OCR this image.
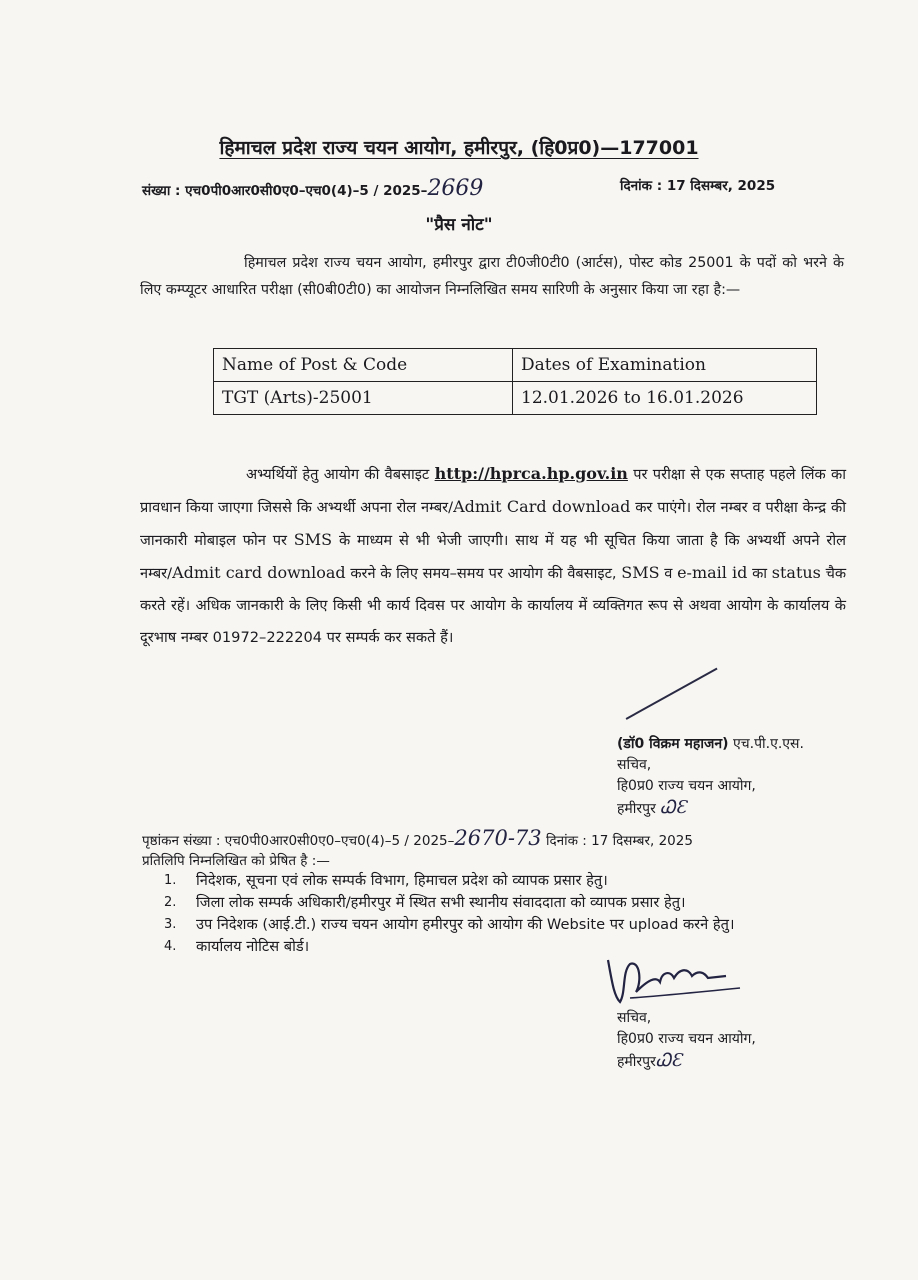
हिमाचल प्रदेश राज्य चयन आयोग, हमीरपुर, (हि0प्र0)—177001
संख्या : एच0पी0आर0सी0ए0–एच0(4)–5 / 2025–2669	दिनांक : 17 दिसम्बर, 2025
"प्रैस नोट"
हिमाचल प्रदेश राज्य चयन आयोग, हमीरपुर द्वारा टी0जी0टी0 (आर्टस), पोस्ट कोड 25001 के पदों को भरने के लिए कम्प्यूटर आधारित परीक्षा (सी0बी0टी0) का आयोजन निम्नलिखित समय सारिणी के अनुसार किया जा रहा है:—
Name of Post & Code	Dates of Examination
TGT (Arts)-25001	12.01.2026 to 16.01.2026
अभ्यर्थियों हेतु आयोग की वैबसाइट http://hprca.hp.gov.in पर परीक्षा से एक सप्ताह पहले लिंक का प्रावधान किया जाएगा जिससे कि अभ्यर्थी अपना रोल नम्बर/Admit Card download कर पाएंगे। रोल नम्बर व परीक्षा केन्द्र की जानकारी मोबाइल फोन पर SMS के माध्यम से भी भेजी जाएगी। साथ में यह भी सूचित किया जाता है कि अभ्यर्थी अपने रोल नम्बर/Admit card download करने के लिए समय–समय पर आयोग की वैबसाइट, SMS व e-mail id का status चैक करते रहें। अधिक जानकारी के लिए किसी भी कार्य दिवस पर आयोग के कार्यालय में व्यक्तिगत रूप से अथवा आयोग के कार्यालय के दूरभाष नम्बर 01972–222204 पर सम्पर्क कर सकते हैं।
(डॉ0 विक्रम महाजन) एच.पी.ए.एस.
सचिव,
हि0प्र0 राज्य चयन आयोग,
हमीरपुर ᏇƐ
पृष्ठांकन संख्या : एच0पी0आर0सी0ए0–एच0(4)–5 / 2025–2670-73 दिनांक : 17 दिसम्बर, 2025
प्रतिलिपि निम्नलिखित को प्रेषित है :—
1. निदेशक, सूचना एवं लोक सम्पर्क विभाग, हिमाचल प्रदेश को व्यापक प्रसार हेतु।
2. जिला लोक सम्पर्क अधिकारी/हमीरपुर में स्थित सभी स्थानीय संवाददाता को व्यापक प्रसार हेतु।
3. उप निदेशक (आई.टी.) राज्य चयन आयोग हमीरपुर को आयोग की Website पर upload करने हेतु।
4. कार्यालय नोटिस बोर्ड।
सचिव,
हि0प्र0 राज्य चयन आयोग,
हमीरपुरᏇƐ
